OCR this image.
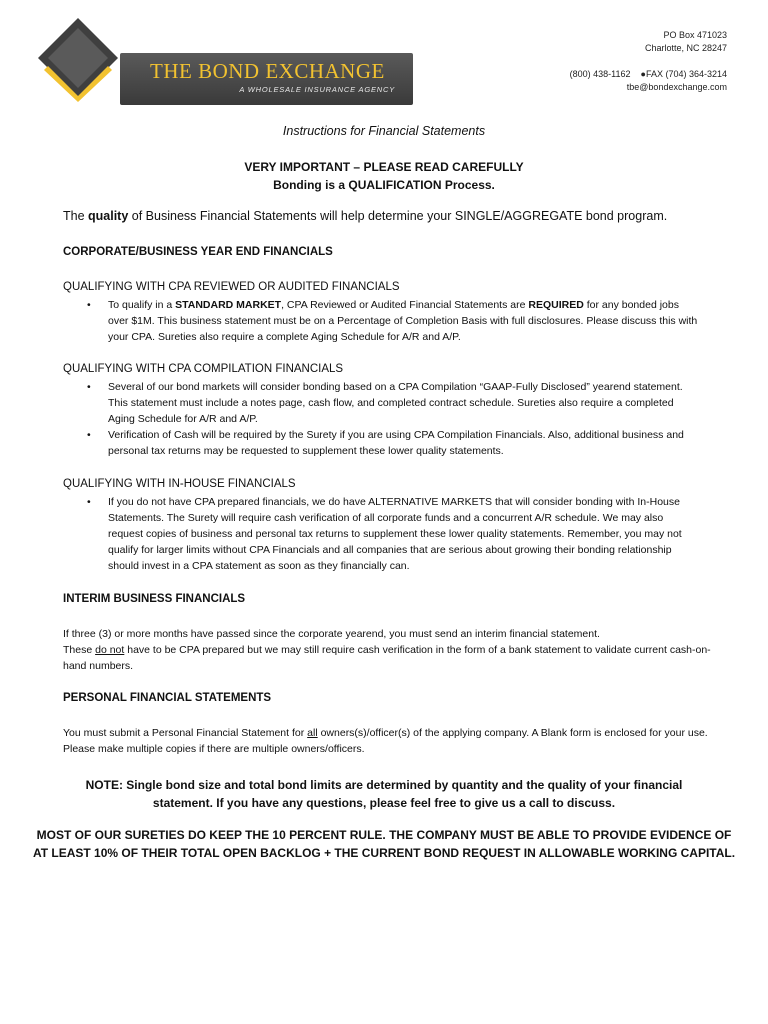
THE BOND EXCHANGE
A WHOLESALE INSURANCE AGENCY
PO Box 471023
Charlotte, NC 28247
(800) 438-1162    ●FAX (704) 364-3214
tbe@bondexchange.com
Instructions for Financial Statements
VERY IMPORTANT – PLEASE READ CAREFULLY
Bonding is a QUALIFICATION Process.
The quality of Business Financial Statements will help determine your SINGLE/AGGREGATE bond program.
CORPORATE/BUSINESS YEAR END FINANCIALS
QUALIFYING WITH CPA REVIEWED OR AUDITED FINANCIALS
• To qualify in a STANDARD MARKET, CPA Reviewed or Audited Financial Statements are REQUIRED for any bonded jobs over $1M. This business statement must be on a Percentage of Completion Basis with full disclosures. Please discuss this with your CPA. Sureties also require a complete Aging Schedule for A/R and A/P.
QUALIFYING WITH CPA COMPILATION FINANCIALS
• Several of our bond markets will consider bonding based on a CPA Compilation “GAAP-Fully Disclosed” yearend statement. This statement must include a notes page, cash flow, and completed contract schedule. Sureties also require a completed Aging Schedule for A/R and A/P.
• Verification of Cash will be required by the Surety if you are using CPA Compilation Financials. Also, additional business and personal tax returns may be requested to supplement these lower quality statements.
QUALIFYING WITH IN-HOUSE FINANCIALS
• If you do not have CPA prepared financials, we do have ALTERNATIVE MARKETS that will consider bonding with In-House Statements. The Surety will require cash verification of all corporate funds and a concurrent A/R schedule. We may also request copies of business and personal tax returns to supplement these lower quality statements. Remember, you may not qualify for larger limits without CPA Financials and all companies that are serious about growing their bonding relationship should invest in a CPA statement as soon as they financially can.
INTERIM BUSINESS FINANCIALS
If three (3) or more months have passed since the corporate yearend, you must send an interim financial statement.
These do not have to be CPA prepared but we may still require cash verification in the form of a bank statement to validate current cash-on-hand numbers.
PERSONAL FINANCIAL STATEMENTS
You must submit a Personal Financial Statement for all owners(s)/officer(s) of the applying company. A Blank form is enclosed for your use. Please make multiple copies if there are multiple owners/officers.
NOTE: Single bond size and total bond limits are determined by quantity and the quality of your financial statement. If you have any questions, please feel free to give us a call to discuss.
MOST OF OUR SURETIES DO KEEP THE 10 PERCENT RULE. THE COMPANY MUST BE ABLE TO PROVIDE EVIDENCE OF AT LEAST 10% OF THEIR TOTAL OPEN BACKLOG + THE CURRENT BOND REQUEST IN ALLOWABLE WORKING CAPITAL.
